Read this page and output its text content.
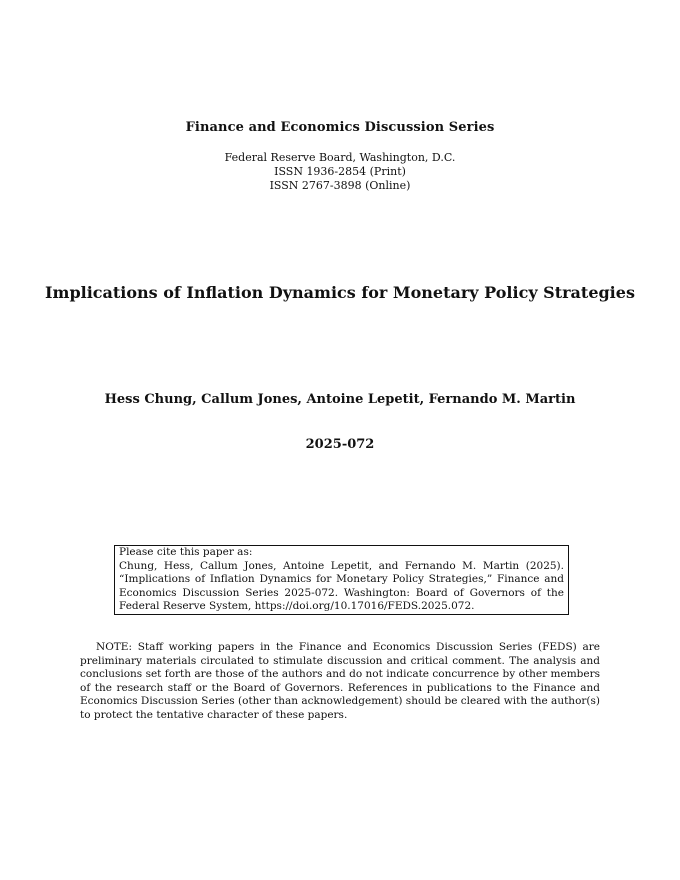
Finance and Economics Discussion Series
Federal Reserve Board, Washington, D.C.
ISSN 1936-2854 (Print)
ISSN 2767-3898 (Online)
Implications of Inflation Dynamics for Monetary Policy Strategies
Hess Chung, Callum Jones, Antoine Lepetit, Fernando M. Martin
2025-072
Please cite this paper as:
Chung, Hess, Callum Jones, Antoine Lepetit, and Fernando M. Martin (2025). “Implications of Inflation Dynamics for Monetary Policy Strategies,” Finance and Economics Discussion Series 2025-072. Washington: Board of Governors of the Federal Reserve System, https://doi.org/10.17016/FEDS.2025.072.
NOTE: Staff working papers in the Finance and Economics Discussion Series (FEDS) are preliminary materials circulated to stimulate discussion and critical comment. The analysis and conclusions set forth are those of the authors and do not indicate concurrence by other members of the research staff or the Board of Governors. References in publications to the Finance and Economics Discussion Series (other than acknowledgement) should be cleared with the author(s) to protect the tentative character of these papers.
